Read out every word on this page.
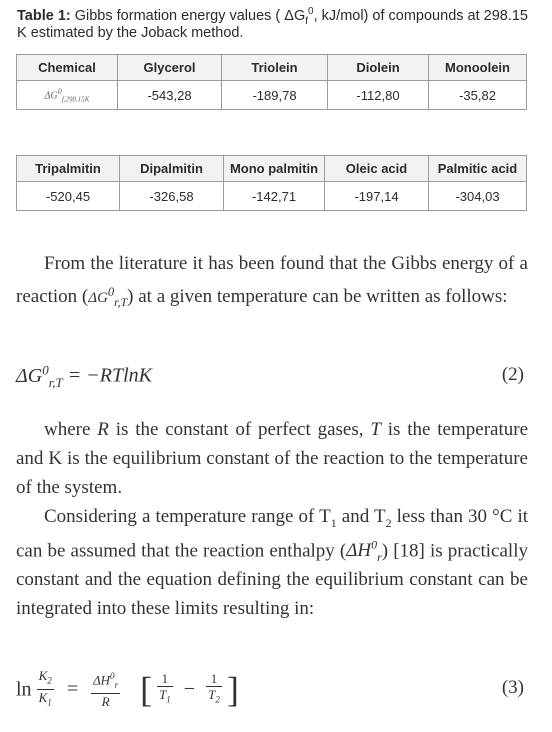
Table 1: Gibbs formation energy values ( $\Delta G_f^0$, kJ/mol) of compounds at 298.15 K estimated by the Joback method.
Chemical	Glycerol	Triolein	Diolein	Monoolein
$\Delta G^0_{f,298,15K}$	-543,28	-189,78	-112,80	-35,82
Tripalmitin	Dipalmitin	Mono palmitin	Oleic acid	Palmitic acid
-520,45	-326,58	-142,71	-197,14	-304,03

From the literature it has been found that the Gibbs energy of a reaction $(\Delta G^0_{r,T})$ at a given temperature can be written as follows:

$\Delta G^0_{r,T} = -RTlnK$	(2)

where R is the constant of perfect gases, T is the temperature and K is the equilibrium constant of the reaction to the temperature of the system.

Considering a temperature range of $T_1$ and $T_2$ less than 30 °C it can be assumed that the reaction enthalpy $(\Delta H^0_r)$ [18] is practically constant and the equation defining the equilibrium constant can be integrated into these limits resulting in:

$\ln \frac{K_2}{K_1} = \frac{\Delta H^0_r}{R}$ [ $\frac{1}{T_1} - \frac{1}{T_2}$ ]	(3)
